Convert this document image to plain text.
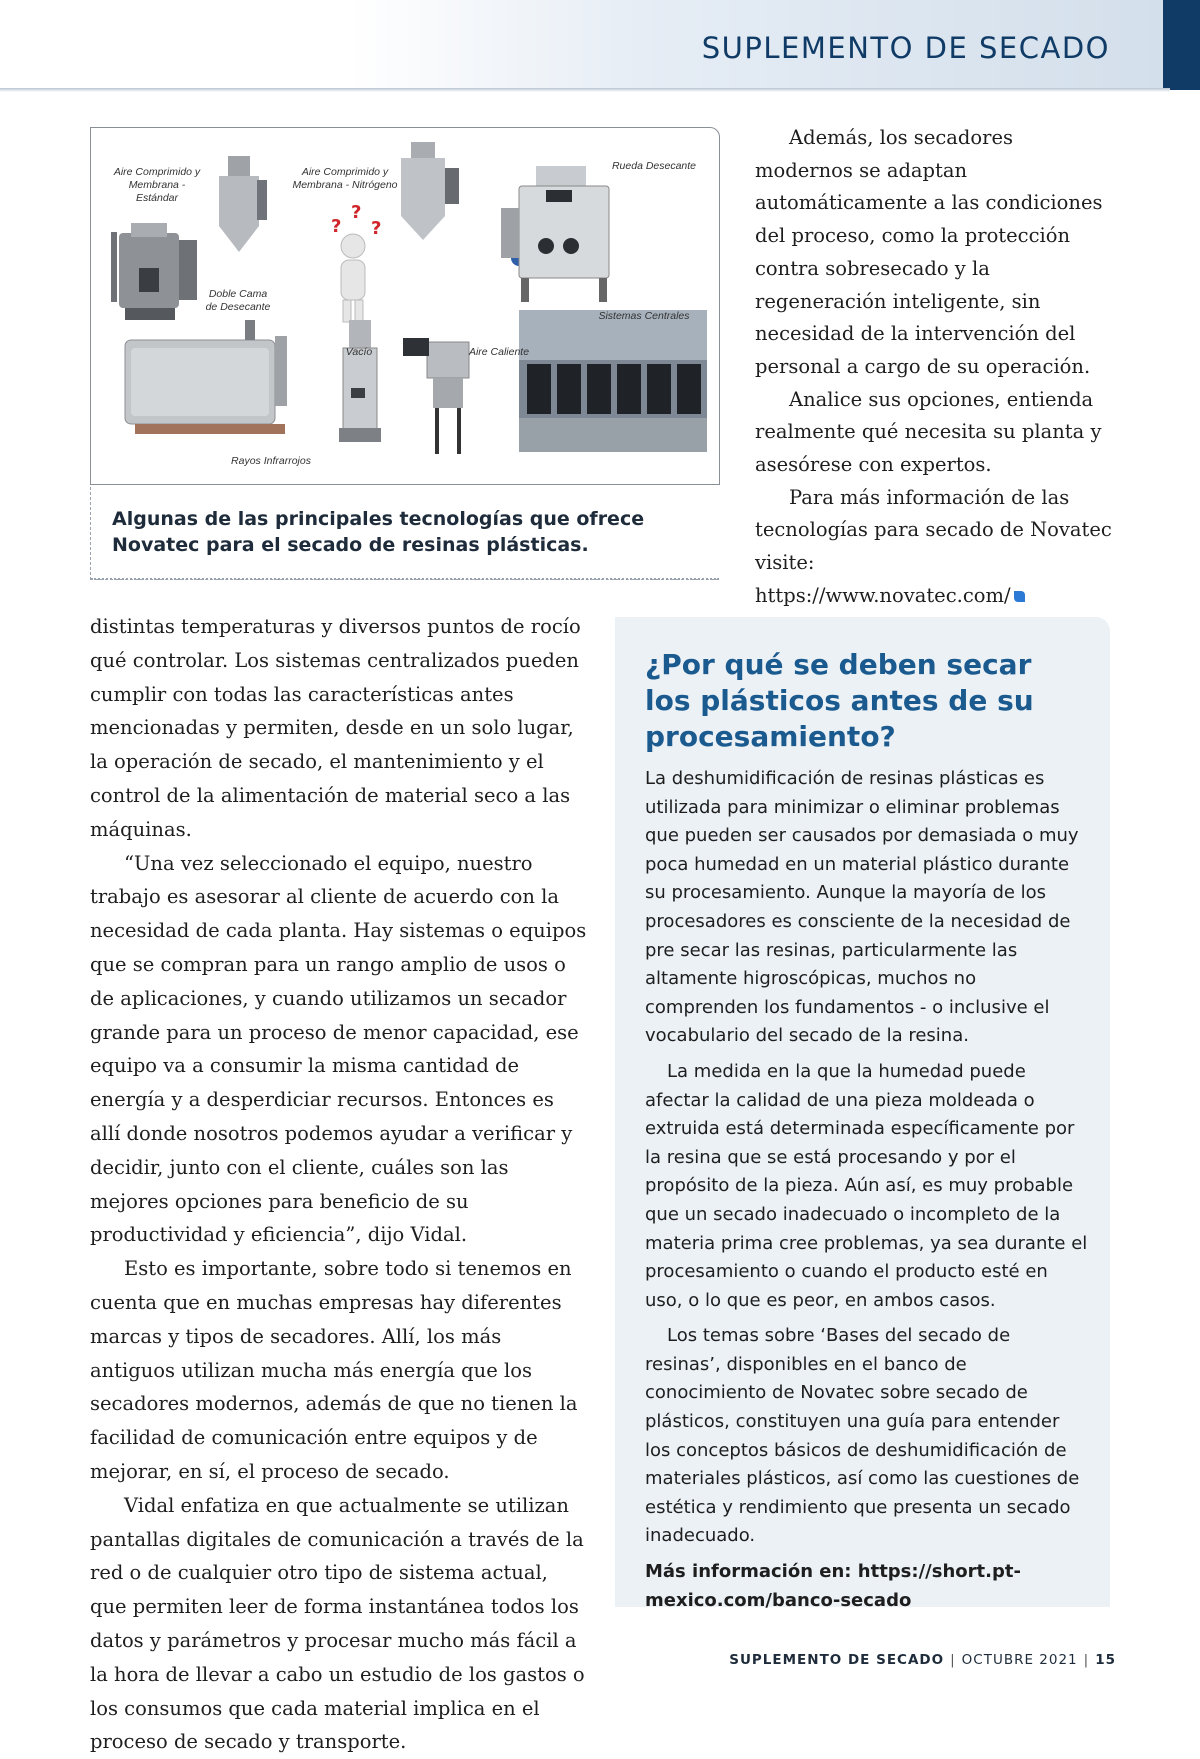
SUPLEMENTO DE SECADO
?
?
?
Aire Comprimido y Membrana - Estándar
Aire Comprimido y Membrana - Nitrógeno
Rueda Desecante
Doble Cama de Desecante
Sistemas Centrales
Vacío	Aire Caliente
Rayos Infrarrojos
Algunas de las principales tecnologías que ofrece Novatec para el secado de resinas plásticas.

Además, los secadores modernos se adaptan automáticamente a las condiciones del proceso, como la protección contra sobresecado y la regeneración inteligente, sin necesidad de la intervención del personal a cargo de su operación.

Analice sus opciones, entienda realmente qué necesita su planta y asesórese con expertos.

Para más información de las tecnologías para secado de Novatec visite:

https://www.novatec.com/

distintas temperaturas y diversos puntos de rocío qué controlar. Los sistemas centralizados pueden cumplir con todas las características antes mencionadas y permiten, desde en un solo lugar, la operación de secado, el mantenimiento y el control de la alimentación de material seco a las máquinas.

“Una vez seleccionado el equipo, nuestro trabajo es asesorar al cliente de acuerdo con la necesidad de cada planta. Hay sistemas o equipos que se compran para un rango amplio de usos o de aplicaciones, y cuando utilizamos un secador grande para un proceso de menor capacidad, ese equipo va a consumir la misma cantidad de energía y a desperdiciar recursos. Entonces es allí donde nosotros podemos ayudar a verificar y decidir, junto con el cliente, cuáles son las mejores opciones para beneficio de su productividad y eficiencia”, dijo Vidal.

Esto es importante, sobre todo si tenemos en cuenta que en muchas empresas hay diferentes marcas y tipos de secadores. Allí, los más antiguos utilizan mucha más energía que los secadores modernos, además de que no tienen la facilidad de comunicación entre equipos y de mejorar, en sí, el proceso de secado.

Vidal enfatiza en que actualmente se utilizan pantallas digitales de comunicación a través de la red o de cualquier otro tipo de sistema actual, que permiten leer de forma instantánea todos los datos y parámetros y procesar mucho más fácil a la hora de llevar a cabo un estudio de los gastos o los consumos que cada material implica en el proceso de secado y transporte.

¿Por qué se deben secar los plásticos antes de su procesamiento?

La deshumidificación de resinas plásticas es utilizada para minimizar o eliminar problemas que pueden ser causados por demasiada o muy poca humedad en un material plástico durante su procesamiento. Aunque la mayoría de los procesadores es consciente de la necesidad de pre secar las resinas, particularmente las altamente higroscópicas, muchos no comprenden los fundamentos - o inclusive el vocabulario del secado de la resina.

La medida en la que la humedad puede afectar la calidad de una pieza moldeada o extruida está determinada específicamente por la resina que se está procesando y por el propósito de la pieza. Aún así, es muy probable que un secado inadecuado o incompleto de la materia prima cree problemas, ya sea durante el procesamiento o cuando el producto esté en uso, o lo que es peor, en ambos casos.

Los temas sobre ‘Bases del secado de resinas’, disponibles en el banco de conocimiento de Novatec sobre secado de plásticos, constituyen una guía para entender los conceptos básicos de deshumidificación de materiales plásticos, así como las cuestiones de estética y rendimiento que presenta un secado inadecuado.

Más información en: https://short.pt-mexico.com/banco-secado

SUPLEMENTO DE SECADO | OCTUBRE 2021 | 15
